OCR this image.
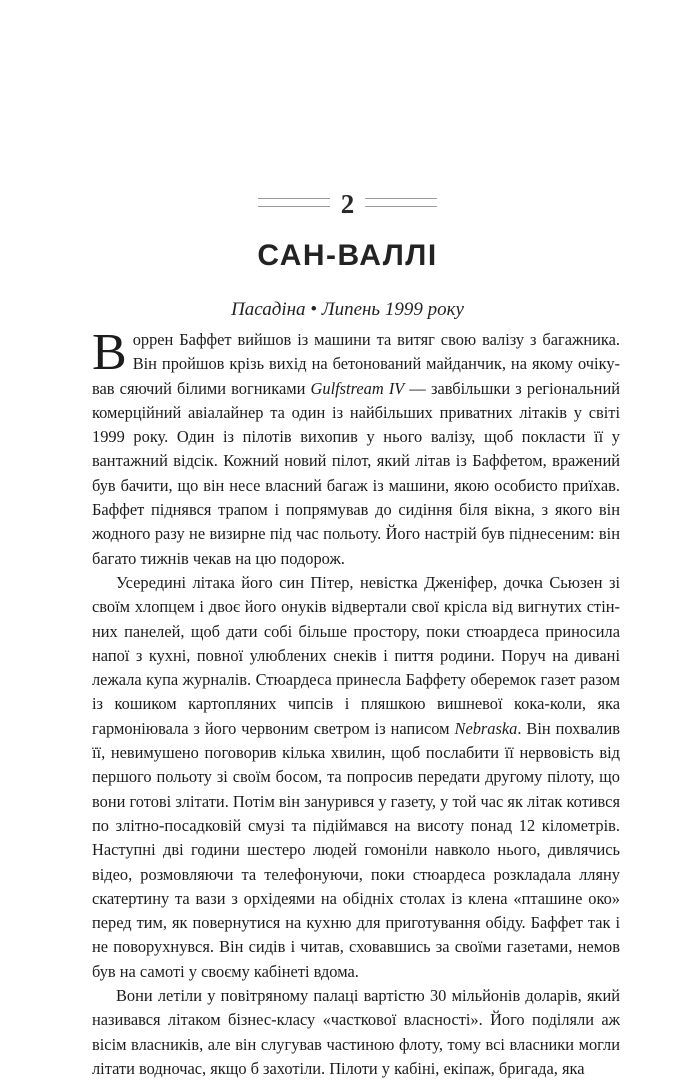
2
САН-ВАЛЛІ
Пасадіна • Липень 1999 року

Воррен Баффет вийшов із машини та витяг свою валізу з багажника. Він пройшов крізь вихід на бетонований майданчик, на якому очікував сяючий білими вогниками Gulfstream IV — завбільшки з регіональний комерційний авіалайнер та один із найбільших приватних літаків у світі 1999 року. Один із пілотів вихопив у нього валізу, щоб покласти її у вантажний відсік. Кожний новий пілот, який літав із Баффетом, вражений був бачити, що він несе власний багаж із машини, якою особисто приїхав. Баффет піднявся трапом і попрямував до сидіння біля вікна, з якого він жодного разу не визирне під час польоту. Його настрій був піднесеним: він багато тижнів чекав на цю подорож.

Усередині літака його син Пітер, невістка Дженіфер, дочка Сьюзен зі своїм хлопцем і двоє його онуків відвертали свої крісла від вигнутих стінних панелей, щоб дати собі більше простору, поки стюардеса приносила напої з кухні, повної улюблених снеків і пиття родини. Поруч на дивані лежала купа журналів. Стюардеса принесла Баффету оберемок газет разом із кошиком картопляних чипсів і пляшкою вишневої кока-коли, яка гармоніювала з його червоним светром із написом Nebraska. Він похвалив її, невимушено поговорив кілька хвилин, щоб послабити її нервовість від першого польоту зі своїм босом, та попросив передати другому пілоту, що вони готові злітати. Потім він занурився у газету, у той час як літак котився по злітно-посадковій смузі та підіймався на висоту понад 12 кілометрів. Наступні дві години шестеро людей гомоніли навколо нього, дивлячись відео, розмовляючи та телефонуючи, поки стюардеса розкладала лляну скатертину та вази з орхідеями на обідніх столах із клена «пташине око» перед тим, як повернутися на кухню для приготування обіду. Баффет так і не поворухнувся. Він сидів і читав, сховавшись за своїми газетами, немов був на самоті у своєму кабінеті вдома.

Вони летіли у повітряному палаці вартістю 30 мільйонів доларів, який називався літаком бізнес-класу «часткової власності». Його поділяли аж вісім власників, але він слугував частиною флоту, тому всі власники могли літати водночас, якщо б захотіли. Пілоти у кабіні, екіпаж, бригада, яка
